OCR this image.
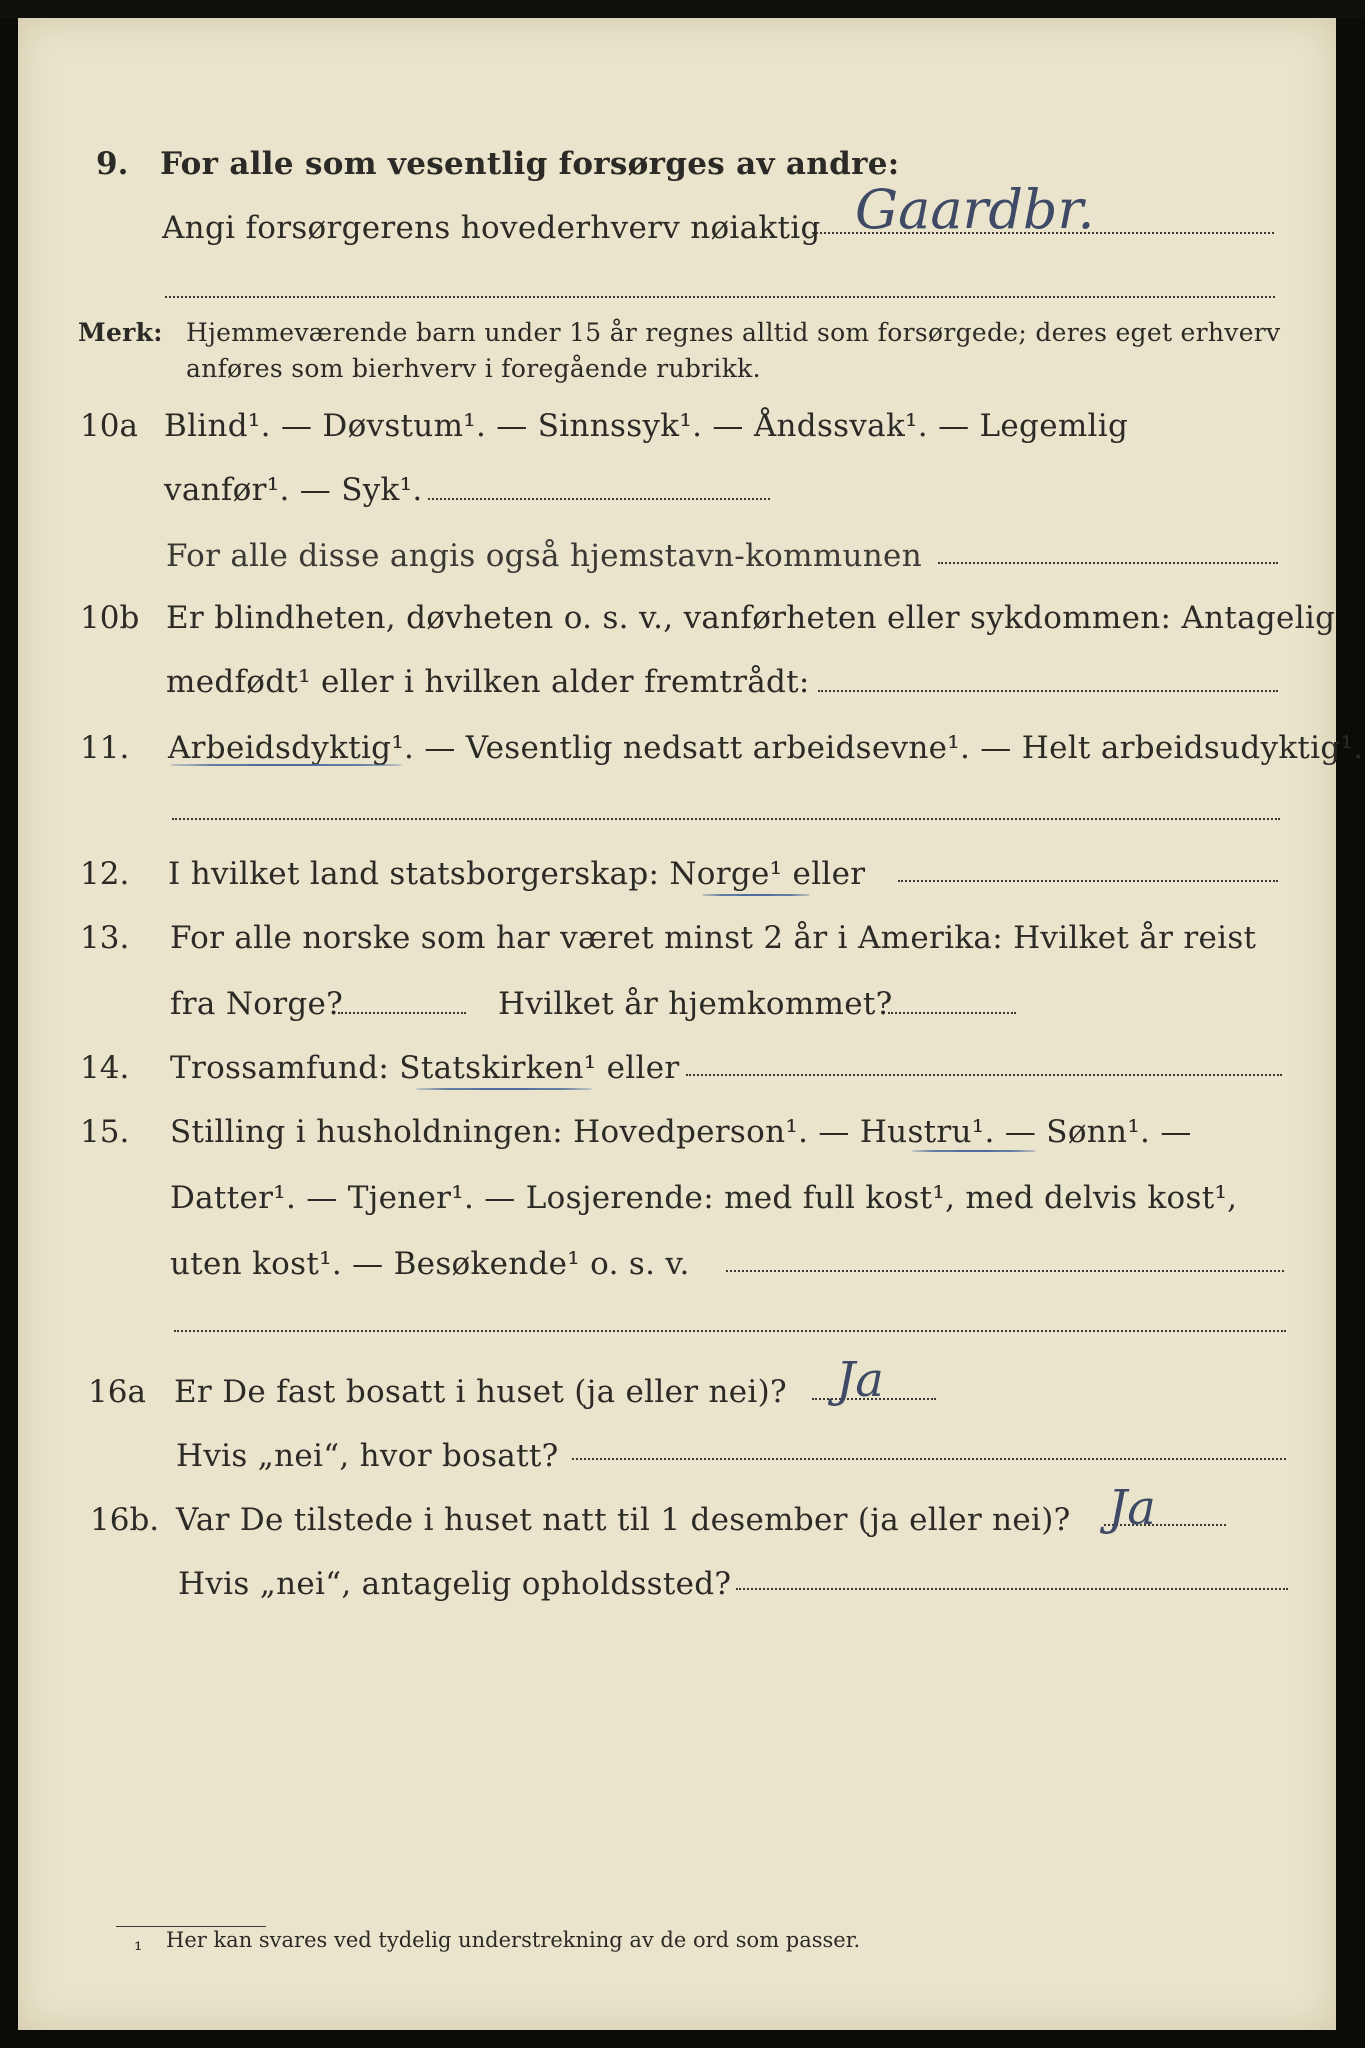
9. For alle som vesentlig forsørges av andre:
Angi forsørgerens hovederhverv nøiaktig Gaardbr.
Merk: Hjemmeværende barn under 15 år regnes alltid som forsørgede; deres eget erhverv
anføres som bierhverv i foregående rubrikk.
10a Blind¹. — Døvstum¹. — Sinnssyk¹. — Åndssvak¹. — Legemlig
vanfør¹. — Syk¹.
For alle disse angis også hjemstavn-kommunen
10b Er blindheten, døvheten o. s. v., vanførheten eller sykdommen: Antagelig
medfødt¹ eller i hvilken alder fremtrådt:
11. Arbeidsdyktig¹. — Vesentlig nedsatt arbeidsevne¹. — Helt arbeidsudyktig¹.
12. I hvilket land statsborgerskap: Norge¹ eller
13. For alle norske som har været minst 2 år i Amerika: Hvilket år reist
fra Norge?	Hvilket år hjemkommet?
14. Trossamfund: Statskirken¹ eller
15. Stilling i husholdningen: Hovedperson¹. — Hustru¹. — Sønn¹. —
Datter¹. — Tjener¹. — Losjerende: med full kost¹, med delvis kost¹,
uten kost¹. — Besøkende¹ o. s. v.
16a Er De fast bosatt i huset (ja eller nei)? Ja
Hvis „nei“, hvor bosatt?
16b. Var De tilstede i huset natt til 1 desember (ja eller nei)? Ja
Hvis „nei“, antagelig opholdssted?
¹ Her kan svares ved tydelig understrekning av de ord som passer.
